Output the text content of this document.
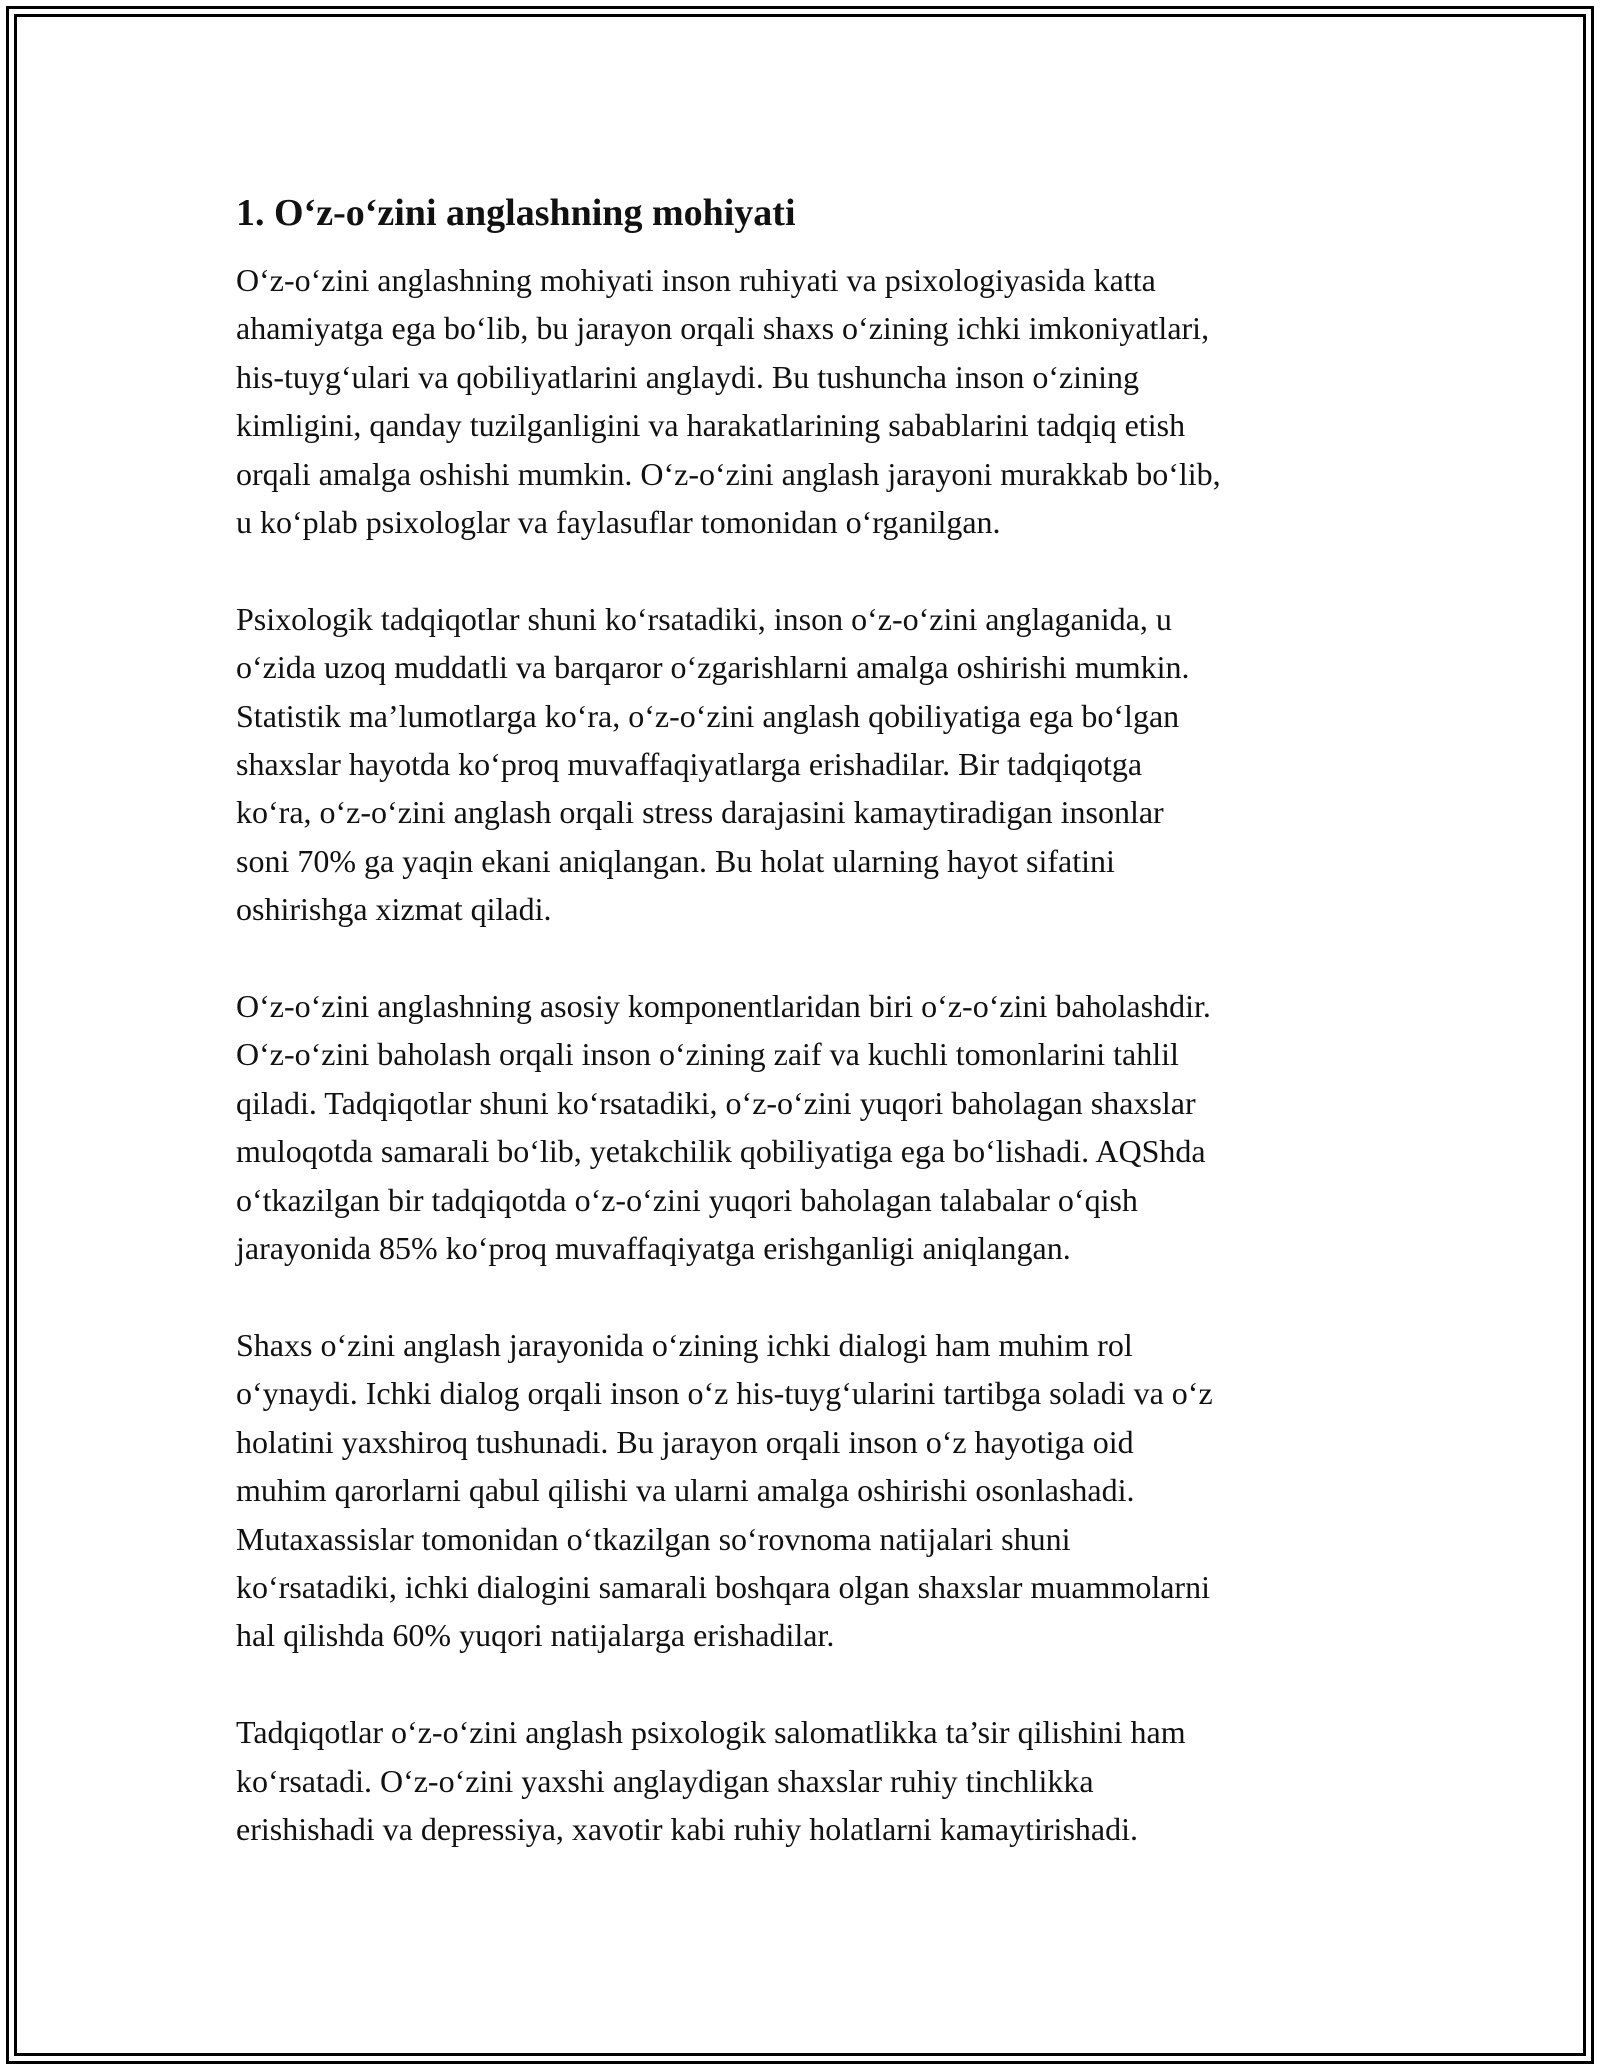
1. O‘z-o‘zini anglashning mohiyati

O‘z-o‘zini anglashning mohiyati inson ruhiyati va psixologiyasida katta
ahamiyatga ega bo‘lib, bu jarayon orqali shaxs o‘zining ichki imkoniyatlari,
his-tuyg‘ulari va qobiliyatlarini anglaydi. Bu tushuncha inson o‘zining
kimligini, qanday tuzilganligini va harakatlarining sabablarini tadqiq etish
orqali amalga oshishi mumkin. O‘z-o‘zini anglash jarayoni murakkab bo‘lib,
u ko‘plab psixologlar va faylasuflar tomonidan o‘rganilgan.

Psixologik tadqiqotlar shuni ko‘rsatadiki, inson o‘z-o‘zini anglaganida, u
o‘zida uzoq muddatli va barqaror o‘zgarishlarni amalga oshirishi mumkin.
Statistik ma’lumotlarga ko‘ra, o‘z-o‘zini anglash qobiliyatiga ega bo‘lgan
shaxslar hayotda ko‘proq muvaffaqiyatlarga erishadilar. Bir tadqiqotga
ko‘ra, o‘z-o‘zini anglash orqali stress darajasini kamaytiradigan insonlar
soni 70% ga yaqin ekani aniqlangan. Bu holat ularning hayot sifatini
oshirishga xizmat qiladi.

O‘z-o‘zini anglashning asosiy komponentlaridan biri o‘z-o‘zini baholashdir.
O‘z-o‘zini baholash orqali inson o‘zining zaif va kuchli tomonlarini tahlil
qiladi. Tadqiqotlar shuni ko‘rsatadiki, o‘z-o‘zini yuqori baholagan shaxslar
muloqotda samarali bo‘lib, yetakchilik qobiliyatiga ega bo‘lishadi. AQShda
o‘tkazilgan bir tadqiqotda o‘z-o‘zini yuqori baholagan talabalar o‘qish
jarayonida 85% ko‘proq muvaffaqiyatga erishganligi aniqlangan.

Shaxs o‘zini anglash jarayonida o‘zining ichki dialogi ham muhim rol
o‘ynaydi. Ichki dialog orqali inson o‘z his-tuyg‘ularini tartibga soladi va o‘z
holatini yaxshiroq tushunadi. Bu jarayon orqali inson o‘z hayotiga oid
muhim qarorlarni qabul qilishi va ularni amalga oshirishi osonlashadi.
Mutaxassislar tomonidan o‘tkazilgan so‘rovnoma natijalari shuni
ko‘rsatadiki, ichki dialogini samarali boshqara olgan shaxslar muammolarni
hal qilishda 60% yuqori natijalarga erishadilar.

Tadqiqotlar o‘z-o‘zini anglash psixologik salomatlikka ta’sir qilishini ham
ko‘rsatadi. O‘z-o‘zini yaxshi anglaydigan shaxslar ruhiy tinchlikka
erishishadi va depressiya, xavotir kabi ruhiy holatlarni kamaytirishadi.
